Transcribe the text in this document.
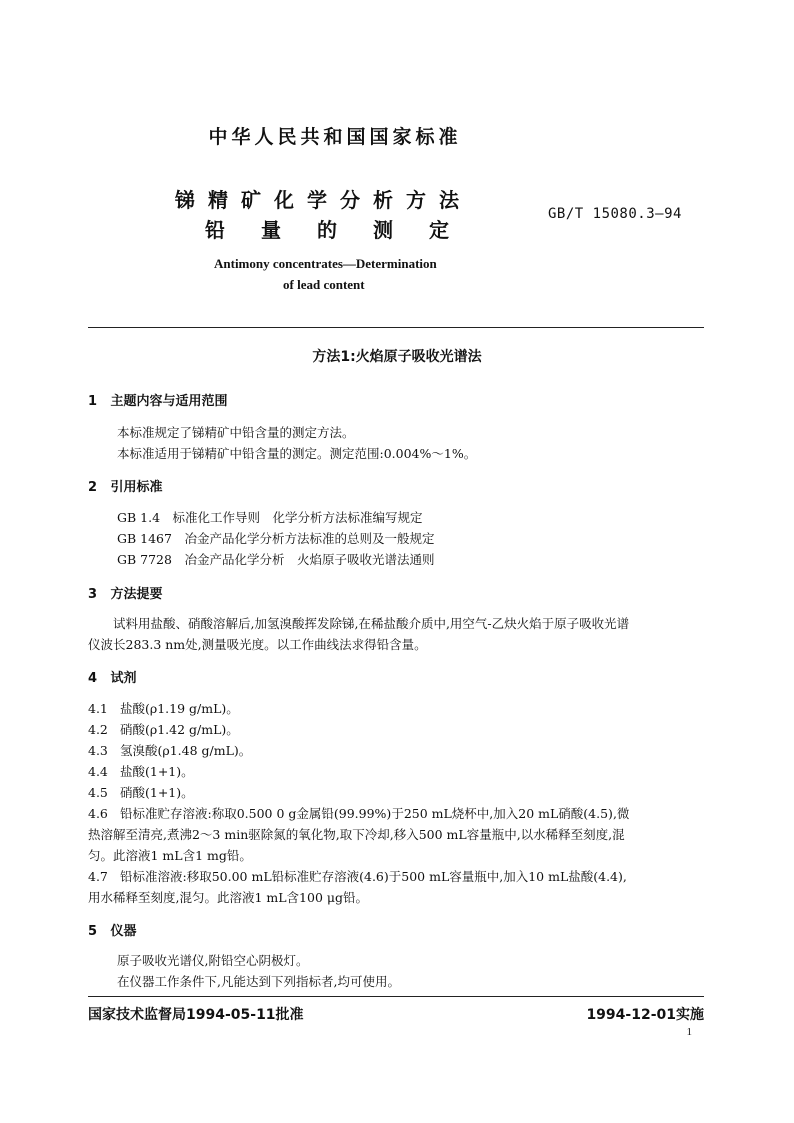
中华人民共和国国家标准
锑精矿化学分析方法
铅量的测定
GB/T 15080.3—94
Antimony concentrates—Determination
of lead content
方法1:火焰原子吸收光谱法
1 主题内容与适用范围
本标准规定了锑精矿中铅含量的测定方法。
本标准适用于锑精矿中铅含量的测定。测定范围:0.004%～1%。
2 引用标准
GB 1.4　标准化工作导则　化学分析方法标准编写规定
GB 1467　冶金产品化学分析方法标准的总则及一般规定
GB 7728　冶金产品化学分析　火焰原子吸收光谱法通则
3 方法提要
　　试料用盐酸、硝酸溶解后,加氢溴酸挥发除锑,在稀盐酸介质中,用空气-乙炔火焰于原子吸收光谱
仪波长283.3 nm处,测量吸光度。以工作曲线法求得铅含量。
4 试剂
4.1 盐酸(ρ1.19 g/mL)。
4.2 硝酸(ρ1.42 g/mL)。
4.3 氢溴酸(ρ1.48 g/mL)。
4.4 盐酸(1+1)。
4.5 硝酸(1+1)。
4.6 铅标准贮存溶液:称取0.500 0 g金属铅(99.99%)于250 mL烧杯中,加入20 mL硝酸(4.5),微
热溶解至清亮,煮沸2～3 min驱除氮的氧化物,取下冷却,移入500 mL容量瓶中,以水稀释至刻度,混
匀。此溶液1 mL含1 mg铅。
4.7 铅标准溶液:移取50.00 mL铅标准贮存溶液(4.6)于500 mL容量瓶中,加入10 mL盐酸(4.4),
用水稀释至刻度,混匀。此溶液1 mL含100 μg铅。
5 仪器
原子吸收光谱仪,附铅空心阴极灯。
在仪器工作条件下,凡能达到下列指标者,均可使用。
国家技术监督局1994-05-11批准	1994-12-01实施
1
